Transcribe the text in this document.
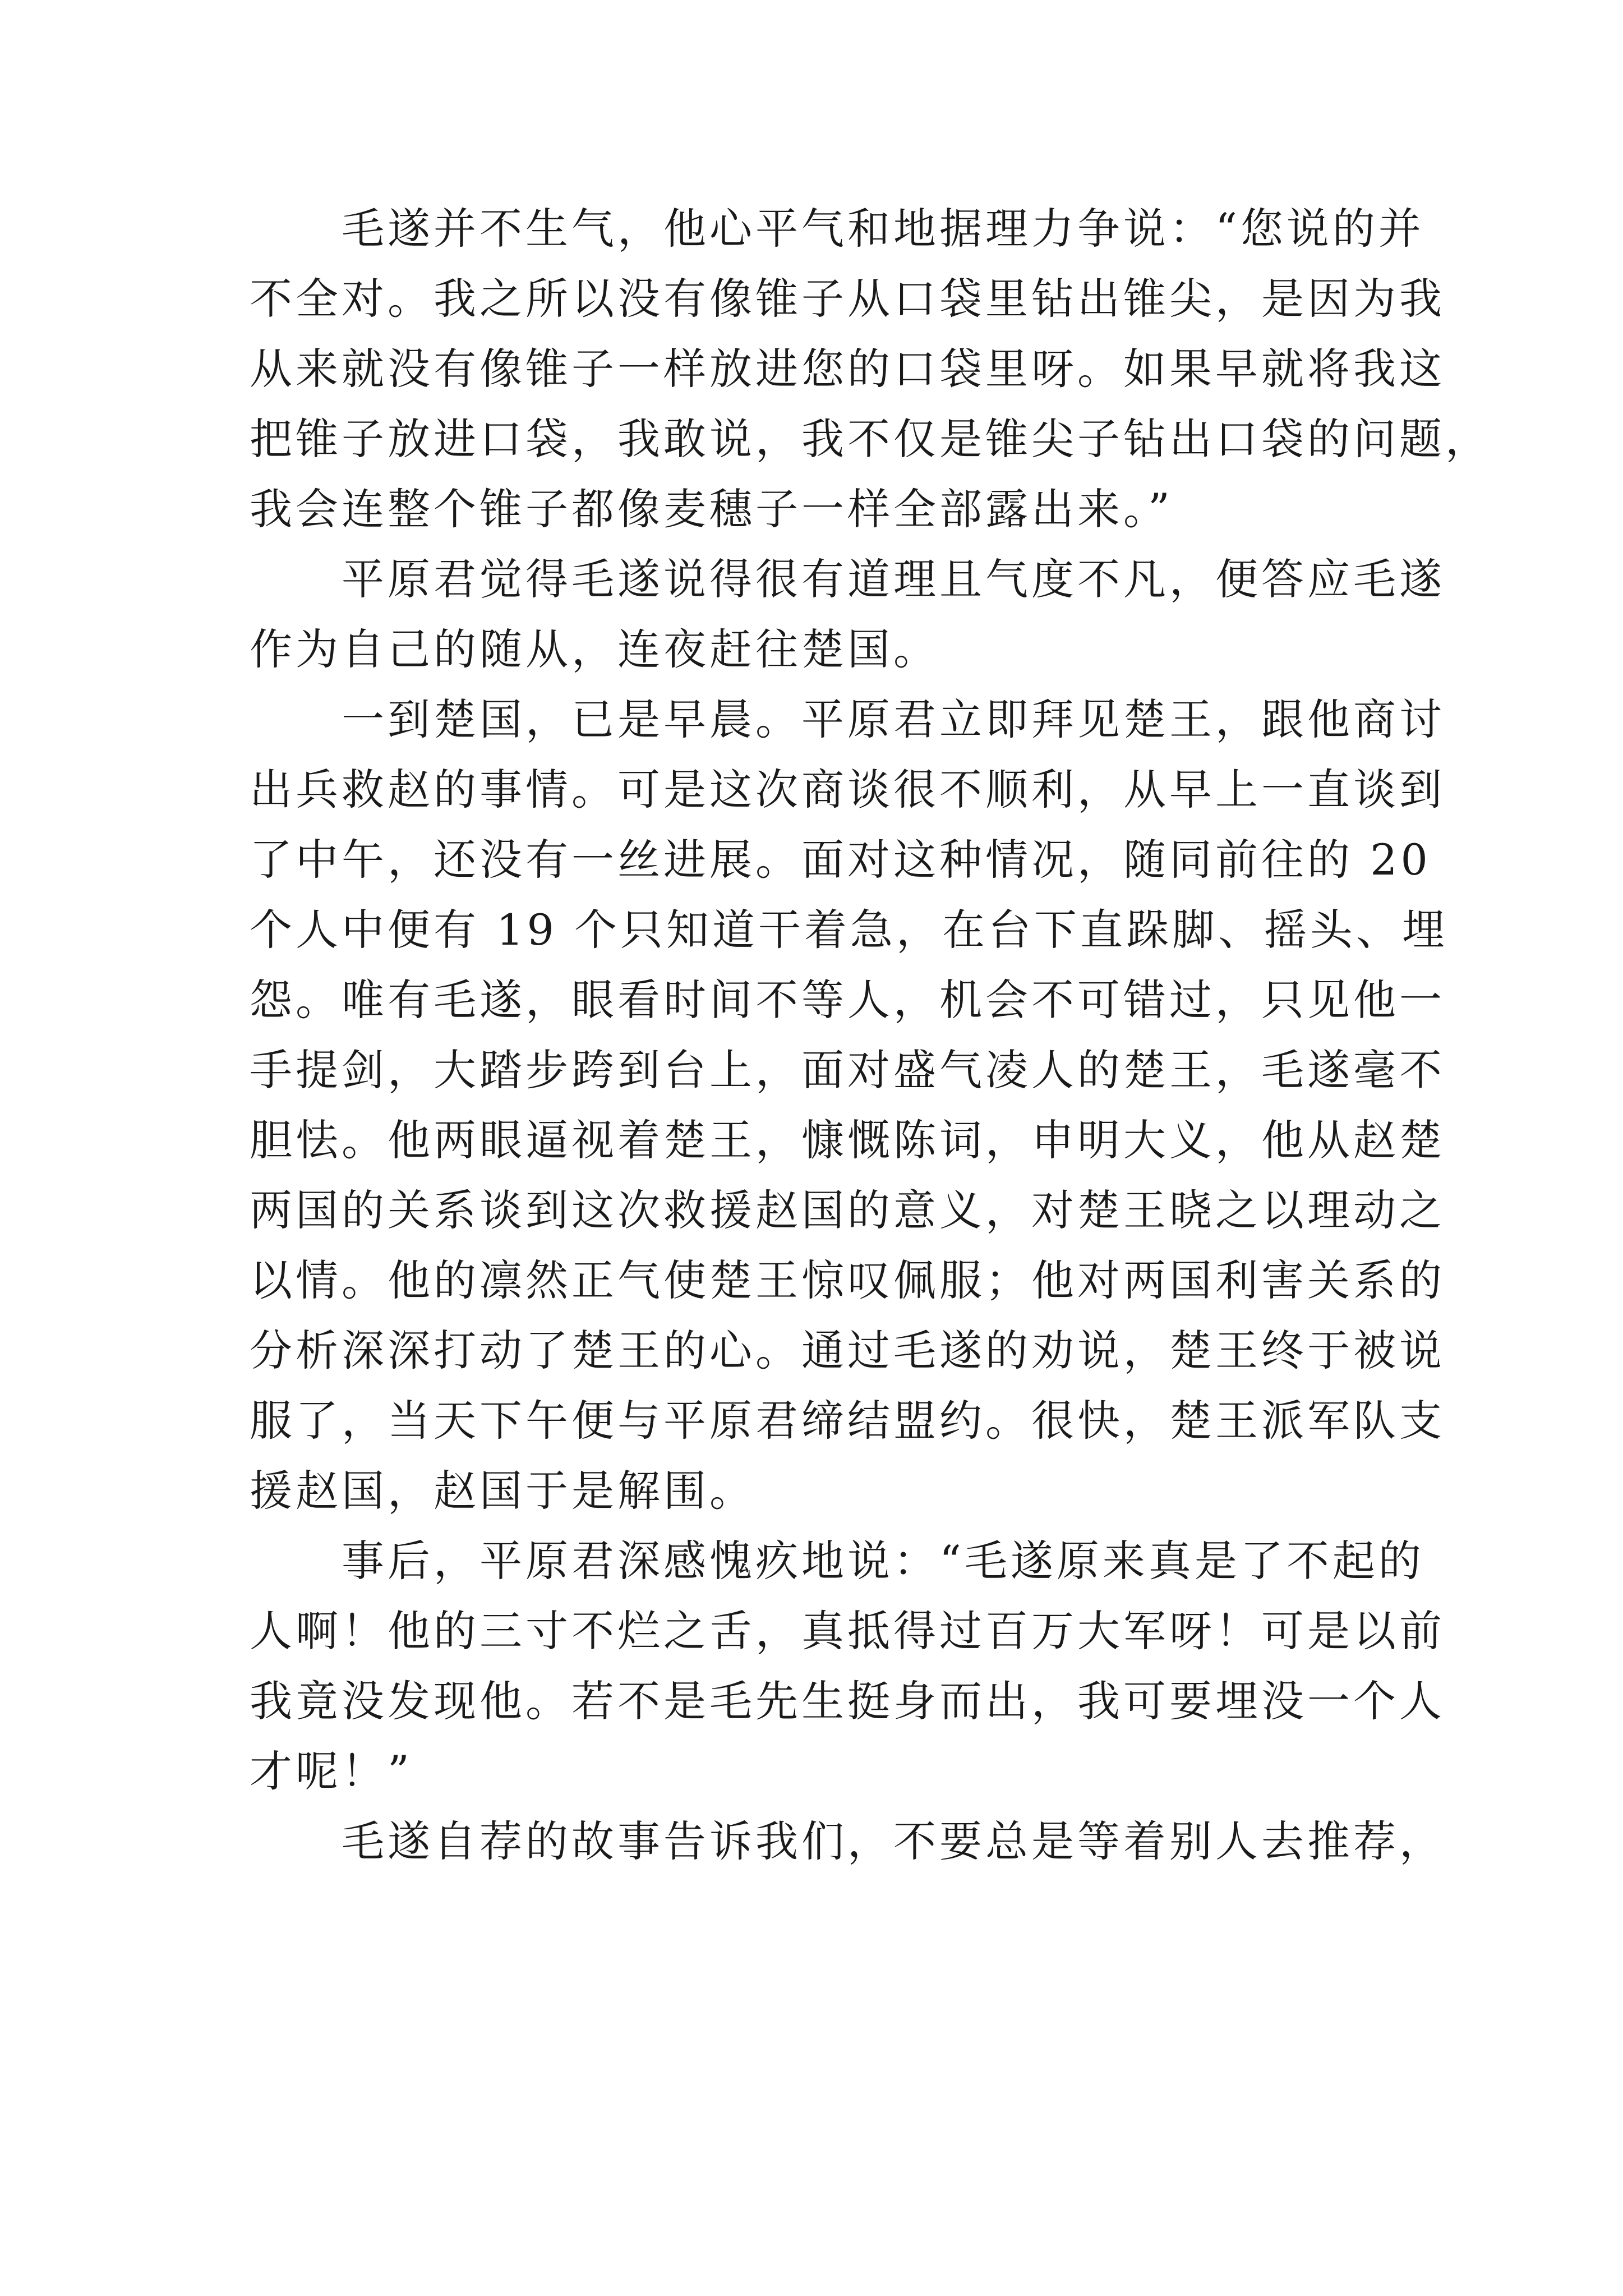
毛遂并不生气，他心平气和地据理力争说：“您说的并
不全对。我之所以没有像锥子从口袋里钻出锥尖，是因为我
从来就没有像锥子一样放进您的口袋里呀。如果早就将我这
把锥子放进口袋，我敢说，我不仅是锥尖子钻出口袋的问题，
我会连整个锥子都像麦穗子一样全部露出来。”
平原君觉得毛遂说得很有道理且气度不凡，便答应毛遂
作为自己的随从，连夜赶往楚国。
一到楚国，已是早晨。平原君立即拜见楚王，跟他商讨
出兵救赵的事情。可是这次商谈很不顺利，从早上一直谈到
了中午，还没有一丝进展。面对这种情况，随同前往的 20
个人中便有 19 个只知道干着急，在台下直跺脚、摇头、埋
怨。唯有毛遂，眼看时间不等人，机会不可错过，只见他一
手提剑，大踏步跨到台上，面对盛气凌人的楚王，毛遂毫不
胆怯。他两眼逼视着楚王，慷慨陈词，申明大义，他从赵楚
两国的关系谈到这次救援赵国的意义，对楚王晓之以理动之
以情。他的凛然正气使楚王惊叹佩服；他对两国利害关系的
分析深深打动了楚王的心。通过毛遂的劝说，楚王终于被说
服了，当天下午便与平原君缔结盟约。很快，楚王派军队支
援赵国，赵国于是解围。
事后，平原君深感愧疚地说：“毛遂原来真是了不起的
人啊！他的三寸不烂之舌，真抵得过百万大军呀！可是以前
我竟没发现他。若不是毛先生挺身而出，我可要埋没一个人
才呢！”
毛遂自荐的故事告诉我们，不要总是等着别人去推荐，
